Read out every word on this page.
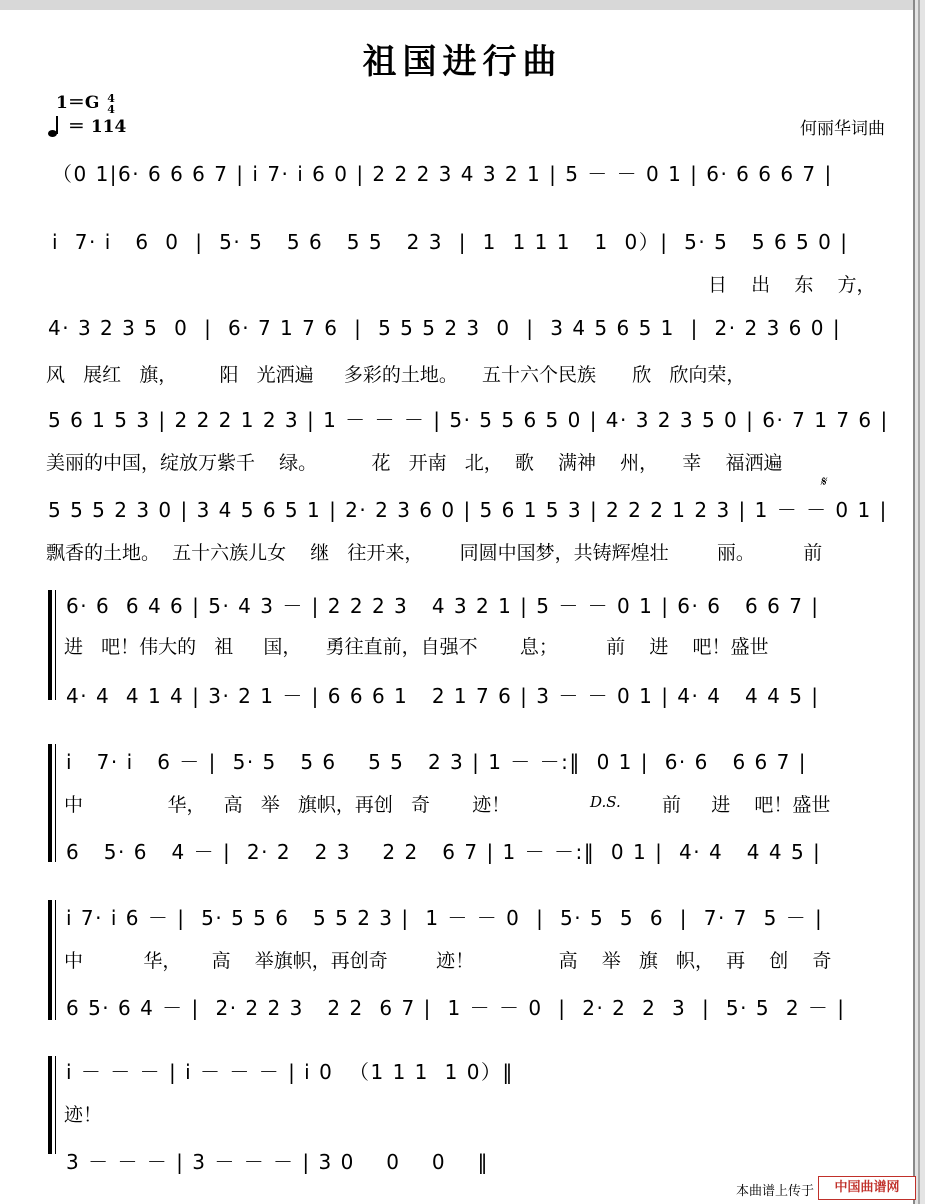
祖国进行曲
1＝G 4
4
＝ 114	何丽华词曲
（0 1|6· 6 6 6 7 | i 7· i 6 0 | 2 2 2 3 4 3 2 1 | 5 － － 0 1 | 6· 6 6 6 7 |
i  7· i   6  0  |  5· 5   5 6   5 5   2 3  |  1  1 1 1   1  0）|  5· 5   5 6 5 0 |
日    出    东    方，
4· 3 2 3 5  0  |  6· 7 1 7 6  |  5 5 5 2 3  0  |  3 4 5 6 5 1  |  2· 2 3 6 0 |
风   展红   旗，       阳   光洒遍     多彩的土地。    五十六个民族      欣   欣向荣，
5 6 1 5 3 | 2 2 2 1 2 3 | 1 － － － | 5· 5 5 6 5 0 | 4· 3 2 3 5 0 | 6· 7 1 7 6 |
美丽的中国，绽放万紫千    绿。         花   开南   北，  歌    满神    州，    幸    福洒遍
5 5 5 2 3 0 | 3 4 5 6 5 1 | 2· 2 3 6 0 | 5 6 1 5 3 | 2 2 2 1 2 3 | 1 － － 0 1 |
飘香的土地。  五十六族儿女    继   往开来，      同圆中国梦，共铸辉煌壮        丽。        前
𝄋
6· 6  6 4 6 | 5· 4 3 － | 2 2 2 3   4 3 2 1 | 5 － － 0 1 | 6· 6   6 6 7 |
进   吧！伟大的   祖     国，    勇往直前，自强不       息；        前    进    吧！盛世
4· 4  4 1 4 | 3· 2 1 － | 6 6 6 1   2 1 7 6 | 3 － － 0 1 | 4· 4   4 4 5 |
i   7· i   6 － |  5· 5   5 6    5 5   2 3 | 1 － －:‖  0 1 |  6· 6   6 6 7 |
中              华，   高   举   旗帜，再创   奇       迹！	D.S. 前     进    吧！盛世
6   5· 6   4 － |  2· 2   2 3    2 2   6 7 | 1 － －:‖  0 1 |  4· 4   4 4 5 |
i 7· i 6 － |  5· 5 5 6   5 5 2 3 |  1 － － 0  |  5· 5  5  6  |  7· 7  5 － |
中          华，     高    举旗帜，再创奇        迹！              高    举   旗   帜，  再    创    奇
6 5· 6 4 － |  2· 2 2 3   2 2  6 7 |  1 － － 0  |  2· 2  2  3  |  5· 5  2 － |
i － － － | i － － － | i 0  （1 1 1  1 0）‖
迹！
3 － － － | 3 － － － | 3 0    0    0    ‖
本曲谱上传于	中国曲谱网
